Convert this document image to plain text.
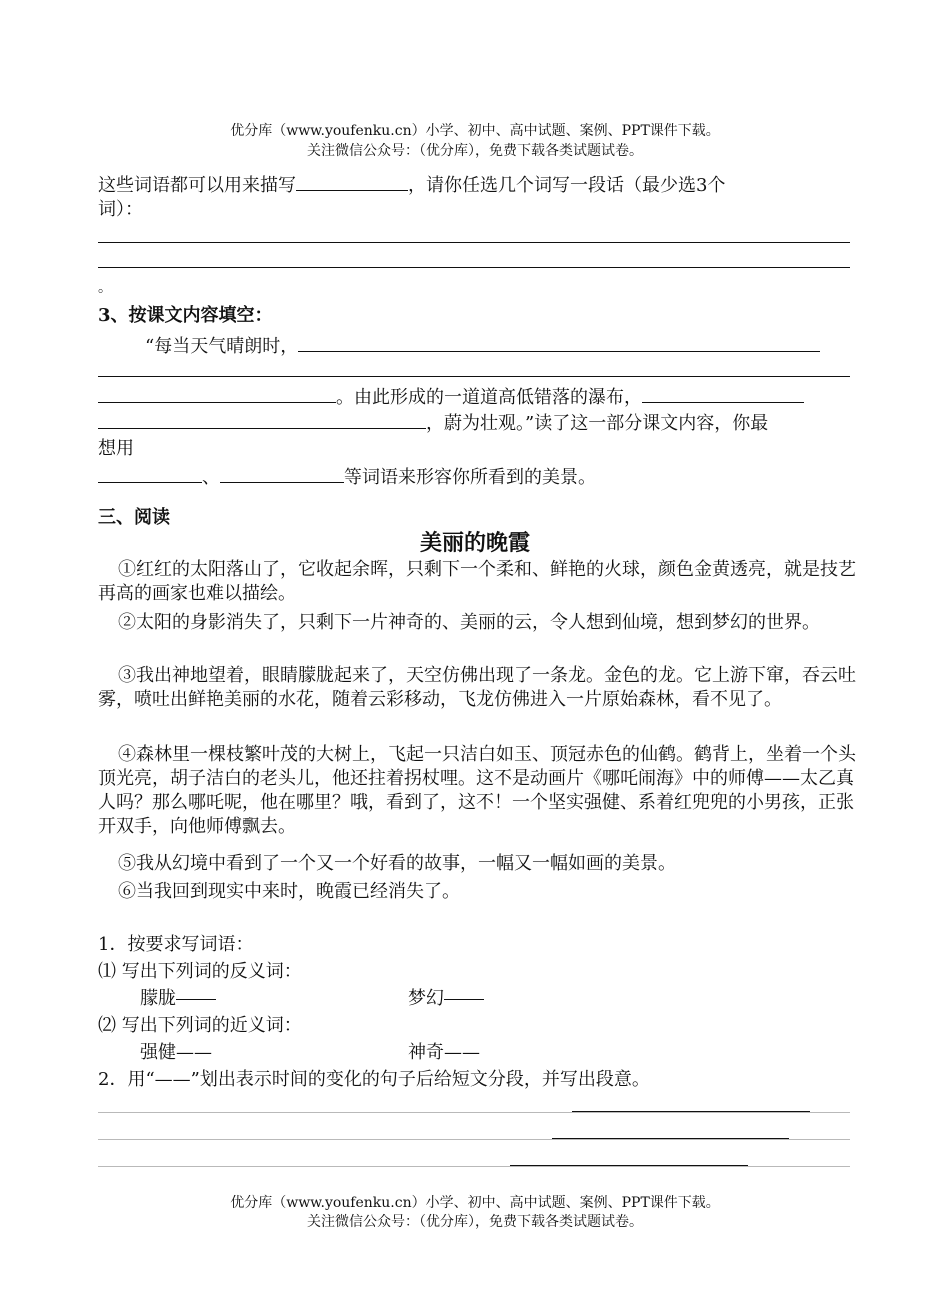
优分库（www.youfenku.cn）小学、初中、高中试题、案例、PPT课件下载。
关注微信公众号：（优分库），免费下载各类试题试卷。
这些词语都可以用来描写	，请你任选几个词写一段话（最少选3个
词）：
。
3、按课文内容填空：
“每当天气晴朗时，
。由此形成的一道道高低错落的瀑布，
，蔚为壮观。”读了这一部分课文内容，你最
想用
、	等词语来形容你所看到的美景。
三、阅读
美丽的晚霞
①红红的太阳落山了，它收起余晖，只剩下一个柔和、鲜艳的火球，颜色金黄透亮，就是技艺再高的画家也难以描绘。
②太阳的身影消失了，只剩下一片神奇的、美丽的云，令人想到仙境，想到梦幻的世界。
③我出神地望着，眼睛朦胧起来了，天空仿佛出现了一条龙。金色的龙。它上游下窜，吞云吐雾，喷吐出鲜艳美丽的水花，随着云彩移动，飞龙仿佛进入一片原始森林，看不见了。
④森林里一棵枝繁叶茂的大树上，飞起一只洁白如玉、顶冠赤色的仙鹤。鹤背上，坐着一个头顶光亮，胡子洁白的老头儿，他还拄着拐杖哩。这不是动画片《哪吒闹海》中的师傅——太乙真人吗？那么哪吒呢，他在哪里？哦，看到了，这不！一个坚实强健、系着红兜兜的小男孩，正张开双手，向他师傅飘去。
⑤我从幻境中看到了一个又一个好看的故事，一幅又一幅如画的美景。
⑥当我回到现实中来时，晚霞已经消失了。
1．按要求写词语：
⑴ 写出下列词的反义词：
朦胧	梦幻
⑵ 写出下列词的近义词：
强健——	神奇——
2．用“——”划出表示时间的变化的句子后给短文分段，并写出段意。
优分库（www.youfenku.cn）小学、初中、高中试题、案例、PPT课件下载。
关注微信公众号：（优分库），免费下载各类试题试卷。
